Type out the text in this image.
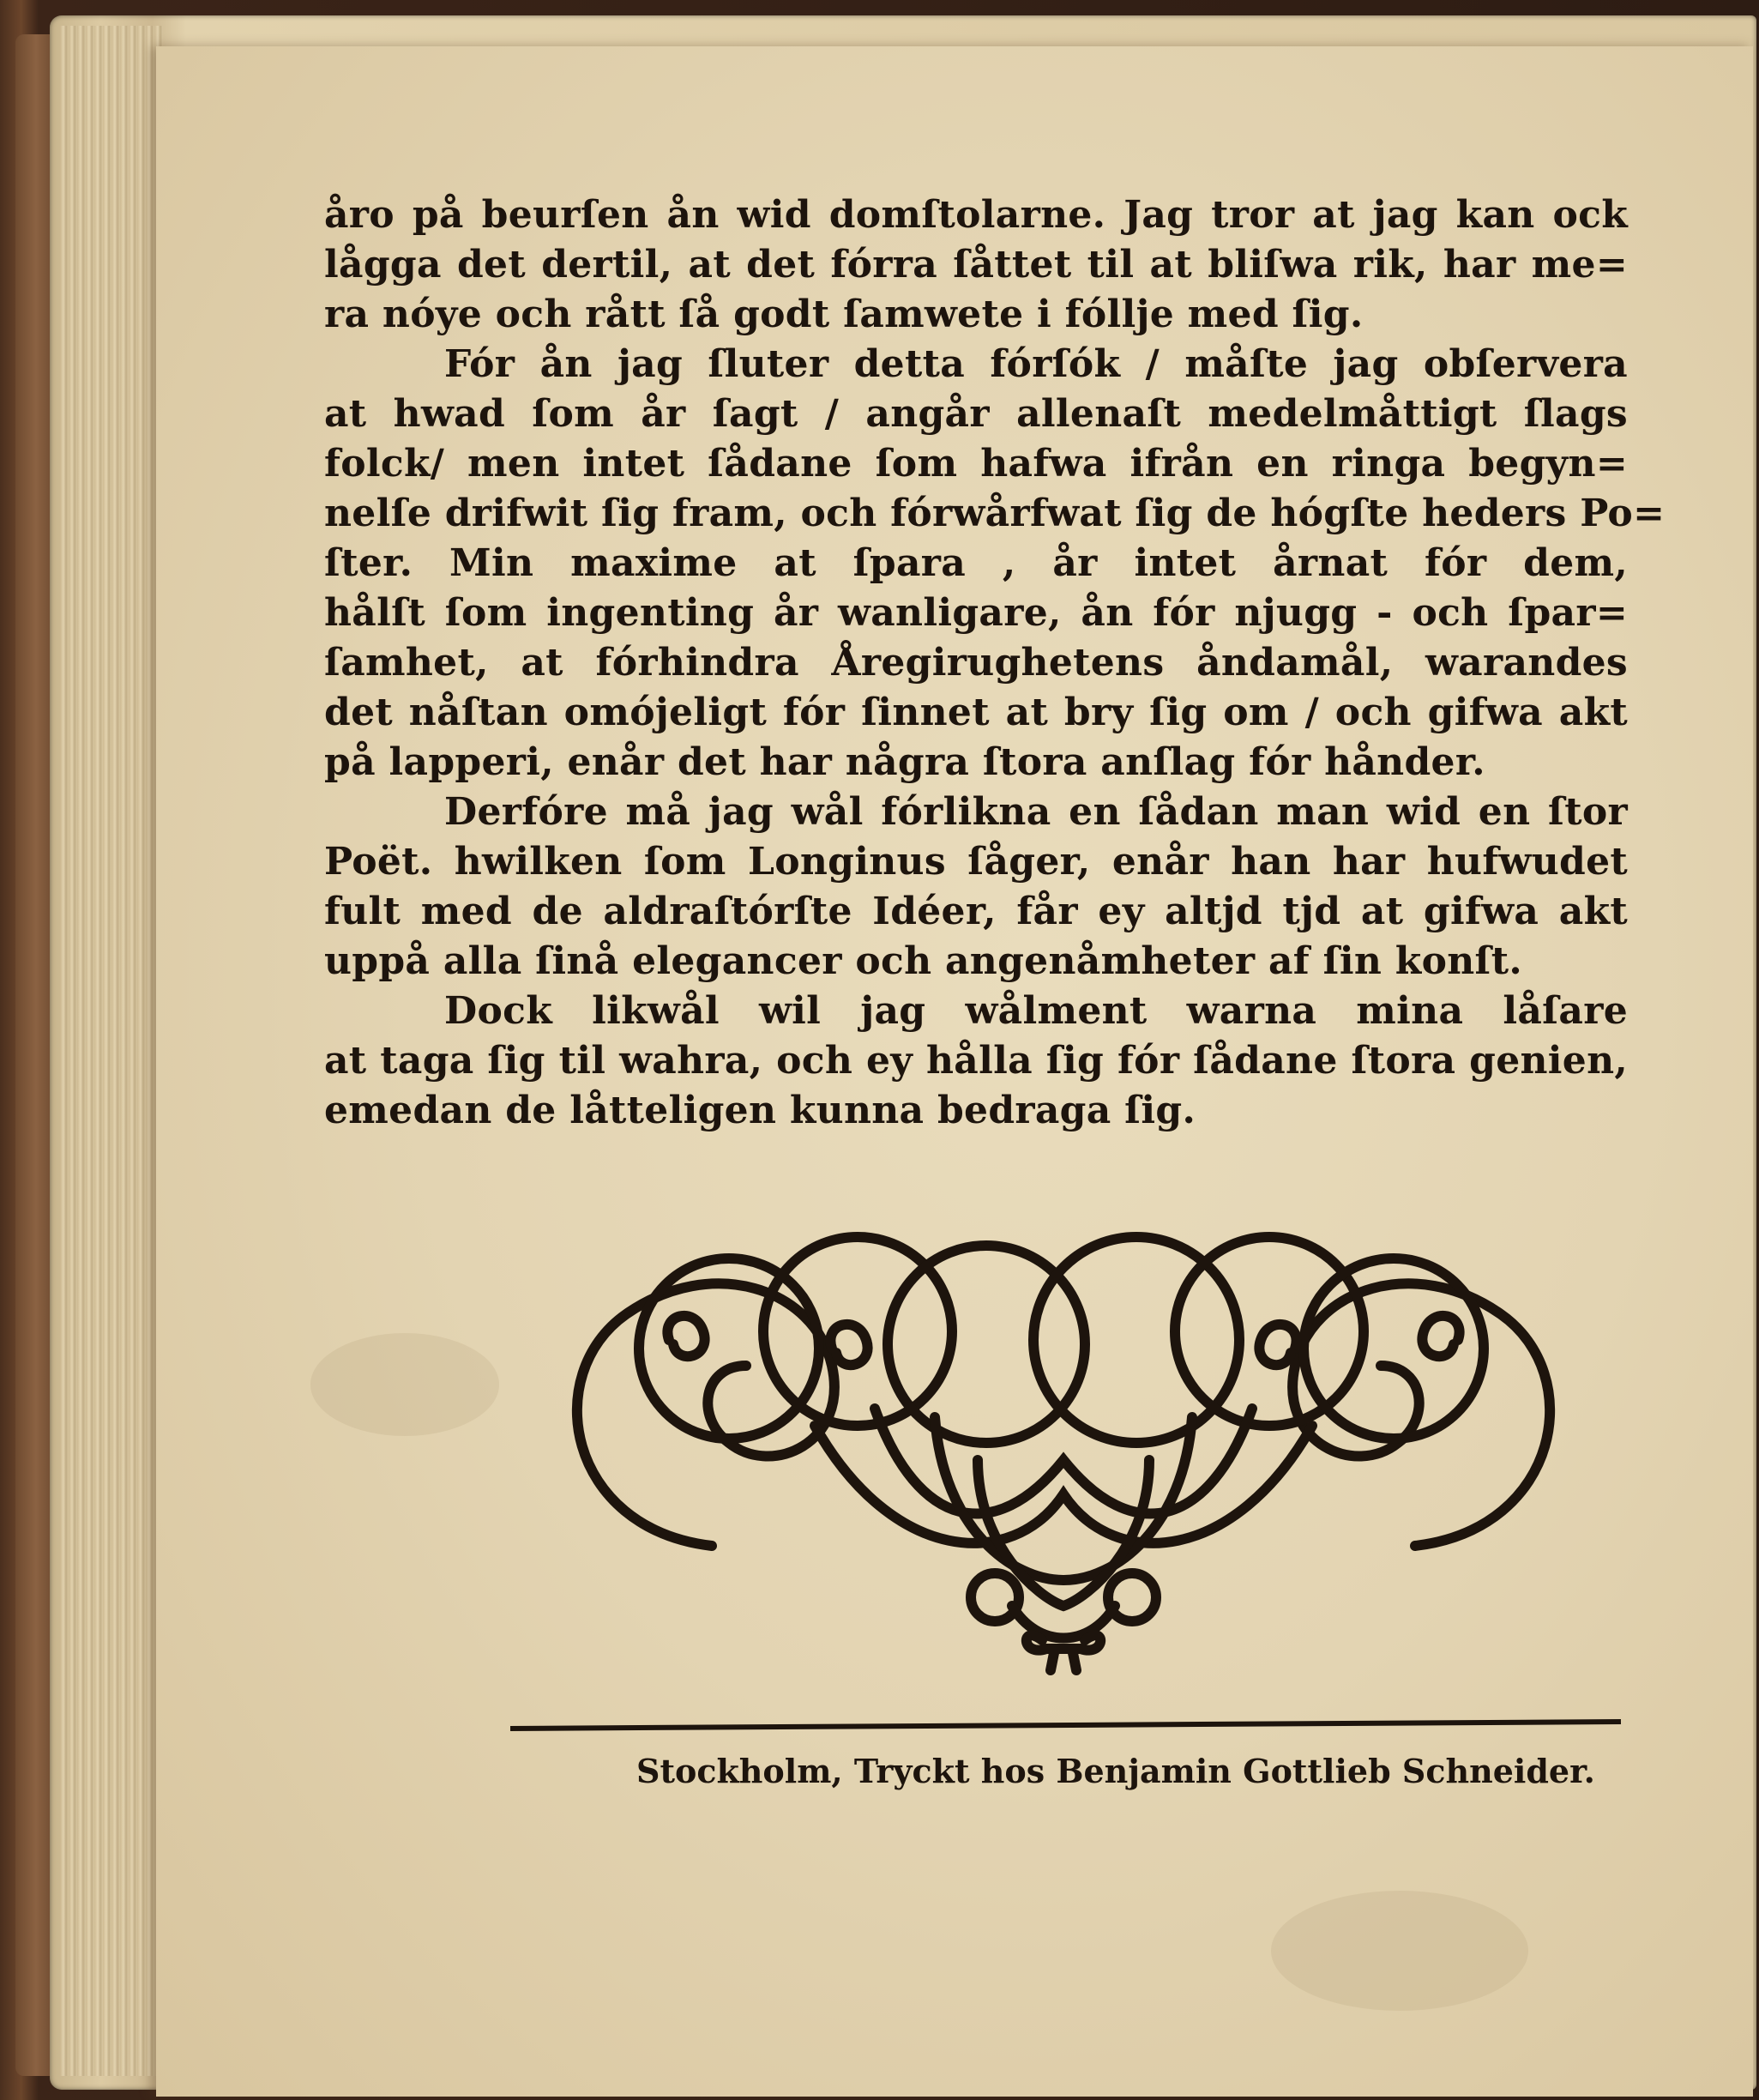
åro på beurſen ån wid domſtolarne. Jag tror at jag kan ock
lågga det dertil, at det fórra ſåttet til at bliſwa rik, har me=
ra nóye och rått ſå godt ſamwete i fóllje med ſig.
Fór ån jag ſluter detta fórſók / måſte jag obſervera
at hwad ſom år ſagt / angår allenaſt medelmåttigt ſlags
folck/ men intet ſådane ſom hafwa ifrån en ringa begyn=
nelſe drifwit ſig fram, och fórwårfwat ſig de hógſte heders Po=
ſter. Min maxime at ſpara , år intet årnat fór dem,
hålſt ſom ingenting år wanligare, ån fór njugg - och ſpar=
ſamhet, at fórhindra Åregirughetens åndamål, warandes
det nåſtan omójeligt fór ſinnet at bry ſig om / och gifwa akt
på lapperi, enår det har några ſtora anſlag fór hånder.
Derfóre må jag wål fórlikna en ſådan man wid en ſtor
Poët. hwilken ſom Longinus ſåger, enår han har hufwudet
fult med de aldraſtórſte Idéer, får ey altjd tjd at gifwa akt
uppå alla ſinå elegancer och angenåmheter af ſin konſt.
Dock likwål wil jag wålment warna mina låſare
at taga ſig til wahra, och ey hålla ſig fór ſådane ſtora genien,
emedan de låtteligen kunna bedraga ſig.
Stockholm, Tryckt hos Benjamin Gottlieb Schneider.
